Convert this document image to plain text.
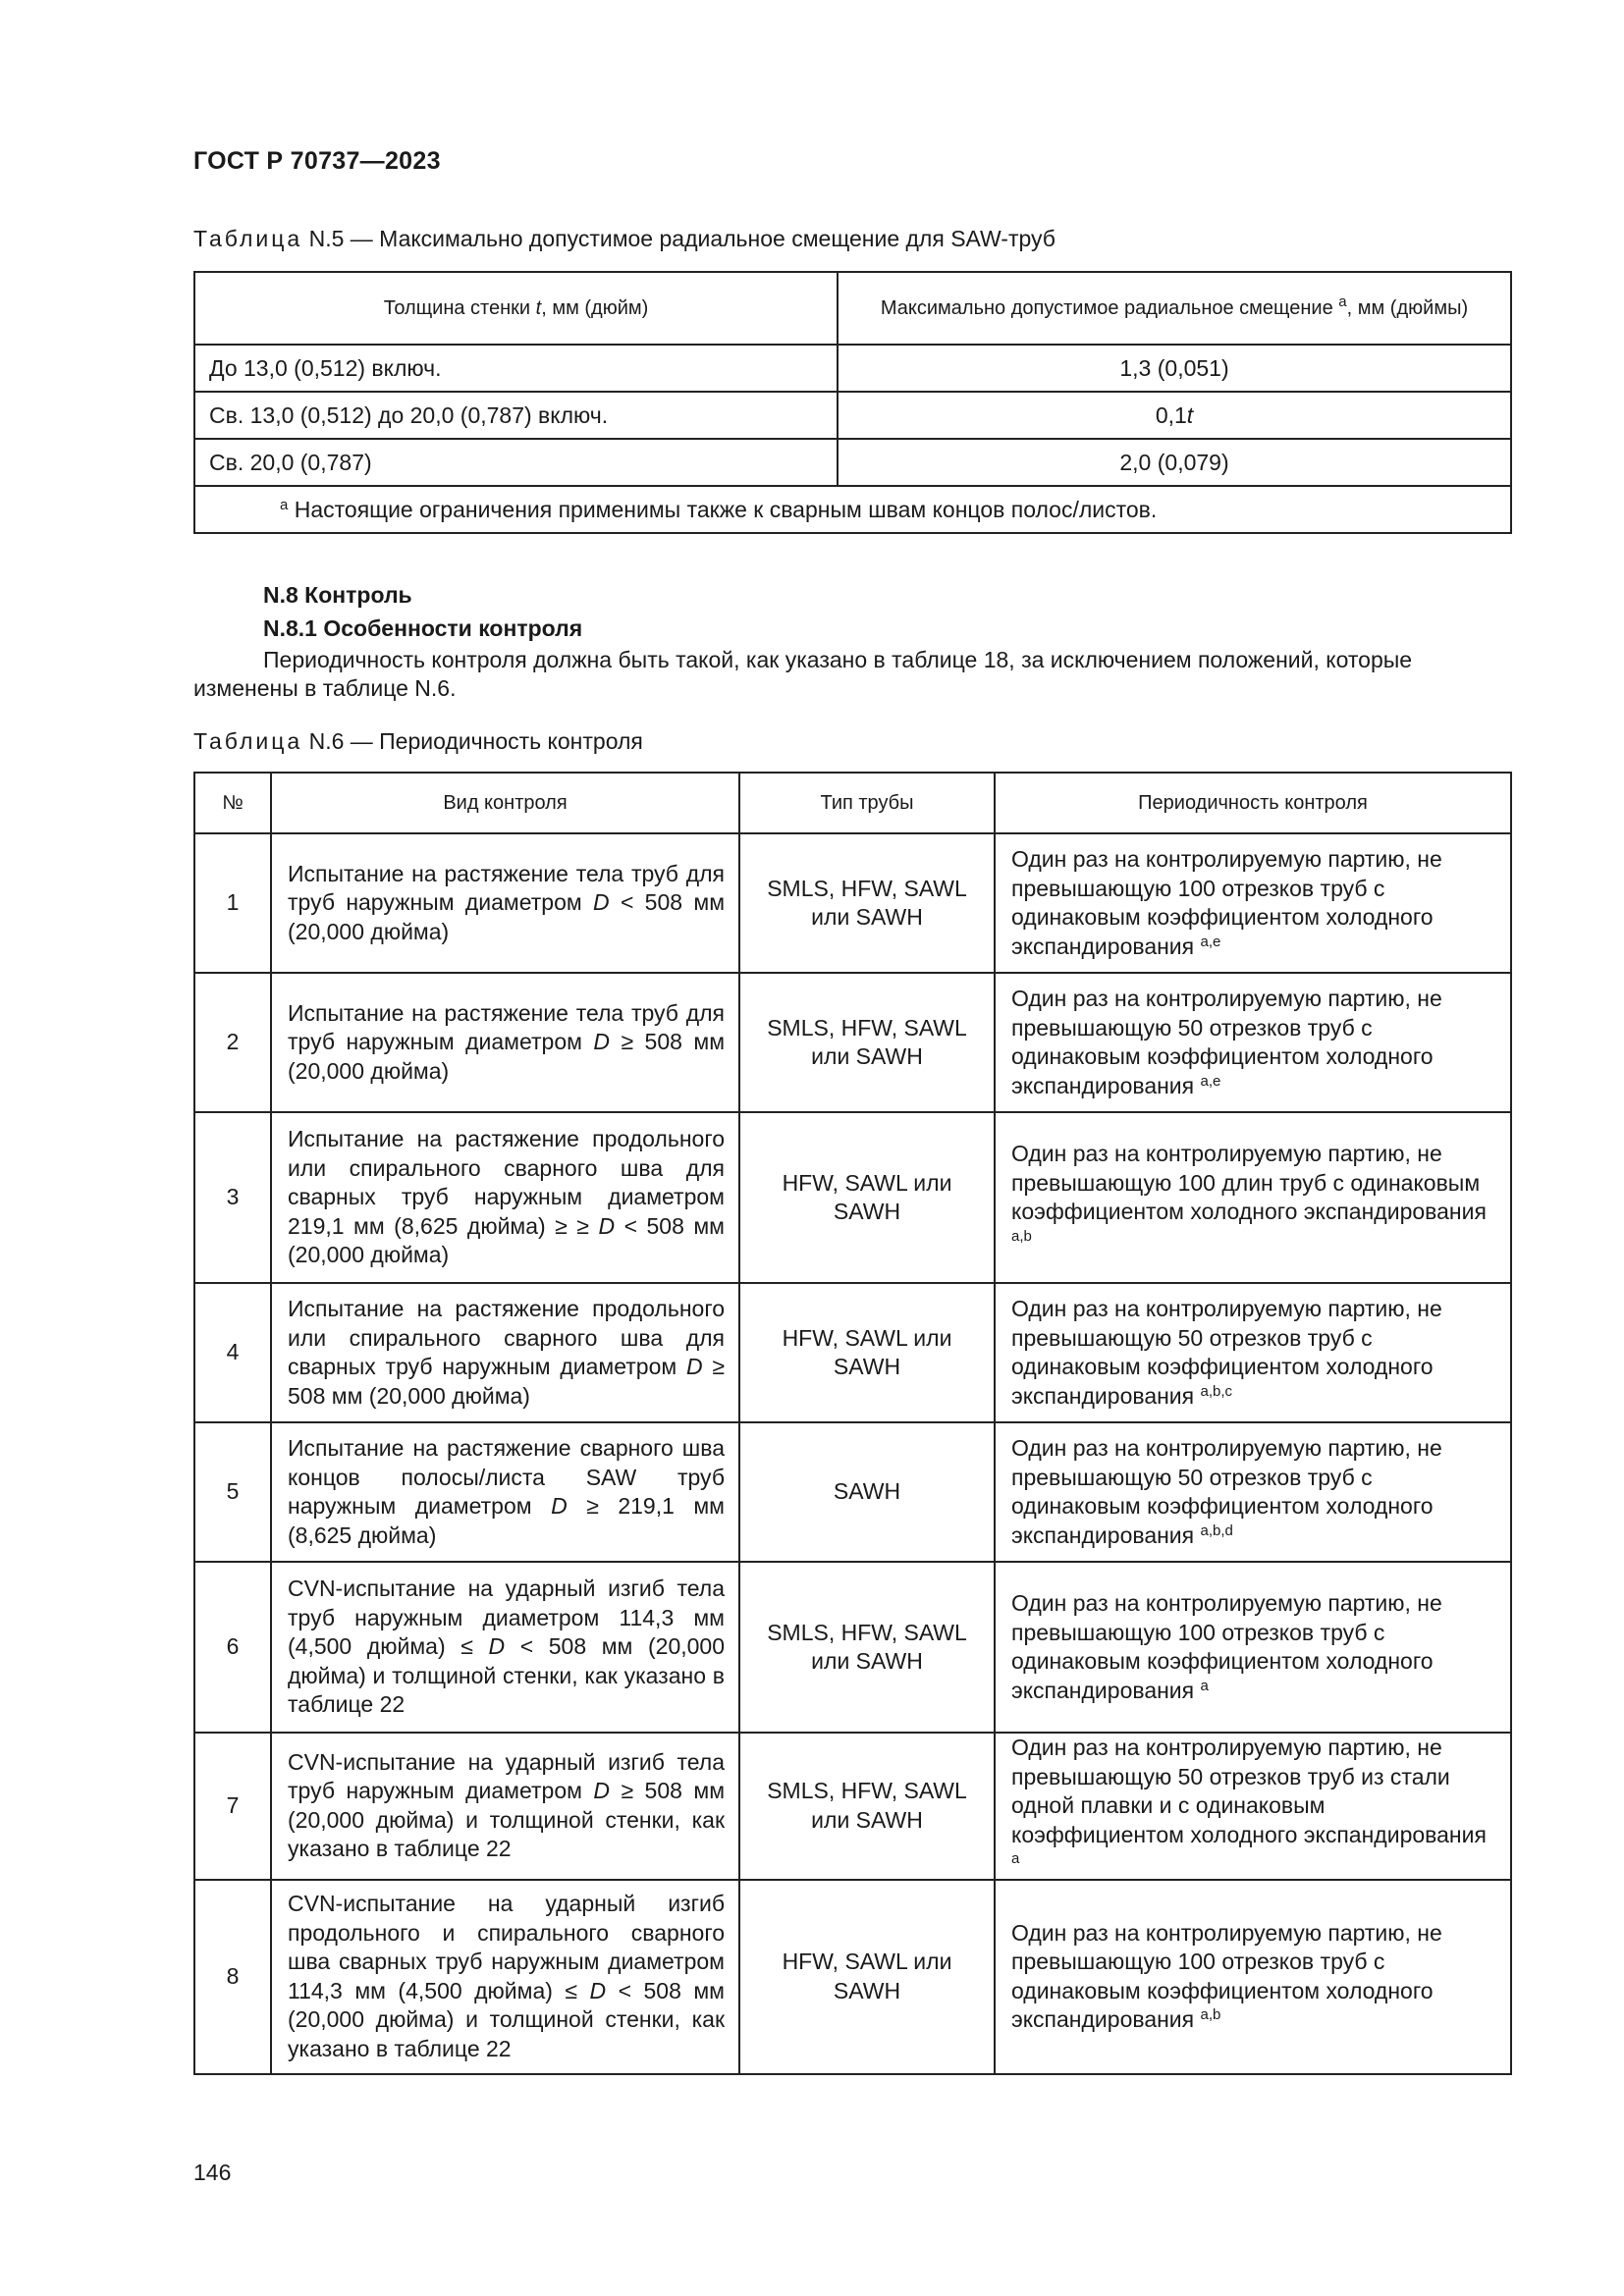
ГОСТ Р 70737—2023
Таблица N.5 — Максимально допустимое радиальное смещение для SAW-труб
Толщина стенки t, мм (дюйм)	Максимально допустимое радиальное смещение $^a$, мм (дюймы)
До 13,0 (0,512) включ.	1,3 (0,051)
Св. 13,0 (0,512) до 20,0 (0,787) включ.	0,1t
Св. 20,0 (0,787)	2,0 (0,079)
$^a$ Настоящие ограничения применимы также к сварным швам концов полос/листов.	
N.8 Контроль
N.8.1 Особенности контроля
Периодичность контроля должна быть такой, как указано в таблице 18, за исключением положений, которые
изменены в таблице N.6.
Таблица N.6 — Периодичность контроля
№	Вид контроля	Тип трубы	Периодичность контроля
1	Испытание на растяжение тела труб для труб наружным диаметром D < 508 мм (20,000 дюйма)	SMLS, HFW, SAWL или SAWH	Один раз на контролируемую партию, не превышающую 100 отрезков труб с одинаковым коэффициентом холодного экспандирования $^{a,e}$
2	Испытание на растяжение тела труб для труб наружным диаметром D ≥ 508 мм (20,000 дюйма)	SMLS, HFW, SAWL или SAWH	Один раз на контролируемую партию, не превышающую 50 отрезков труб с одинаковым коэффициентом холодного экспандирования $^{a,e}$
3	Испытание на растяжение продольного или спирального сварного шва для сварных труб наружным диаметром 219,1 мм (8,625 дюйма) ≥ ≥ D < 508 мм (20,000 дюйма)	HFW, SAWL или SAWH	Один раз на контролируемую партию, не превышающую 100 длин труб с одинаковым коэффициентом холодного экспандирования $^{a,b}$
4	Испытание на растяжение продольного или спирального сварного шва для сварных труб наружным диаметром D ≥ 508 мм (20,000 дюйма)	HFW, SAWL или SAWH	Один раз на контролируемую партию, не превышающую 50 отрезков труб с одинаковым коэффициентом холодного экспандирования $^{a,b,c}$
5	Испытание на растяжение сварного шва концов полосы/листа SAW труб наружным диаметром D ≥ 219,1 мм (8,625 дюйма)	SAWH	Один раз на контролируемую партию, не превышающую 50 отрезков труб с одинаковым коэффициентом холодного экспандирования $^{a,b,d}$
6	CVN-испытание на ударный изгиб тела труб наружным диаметром 114,3 мм (4,500 дюйма) ≤ D < 508 мм (20,000 дюйма) и толщиной стенки, как указано в таблице 22	SMLS, HFW, SAWL или SAWH	Один раз на контролируемую партию, не превышающую 100 отрезков труб с одинаковым коэффициентом холодного экспандирования $^a$
7	CVN-испытание на ударный изгиб тела труб наружным диаметром D ≥ 508 мм (20,000 дюйма) и толщиной стенки, как указано в таблице 22	SMLS, HFW, SAWL или SAWH	Один раз на контролируемую партию, не превышающую 50 отрезков труб из стали одной плавки и с одинаковым коэффициентом холодного экспандирования $^a$
8	CVN-испытание на ударный изгиб продольного и спирального сварного шва сварных труб наружным диаметром 114,3 мм (4,500 дюйма) ≤ D < 508 мм (20,000 дюйма) и толщиной стенки, как указано в таблице 22	HFW, SAWL или SAWH	Один раз на контролируемую партию, не превышающую 100 отрезков труб с одинаковым коэффициентом холодного экспандирования $^{a,b}$
146
